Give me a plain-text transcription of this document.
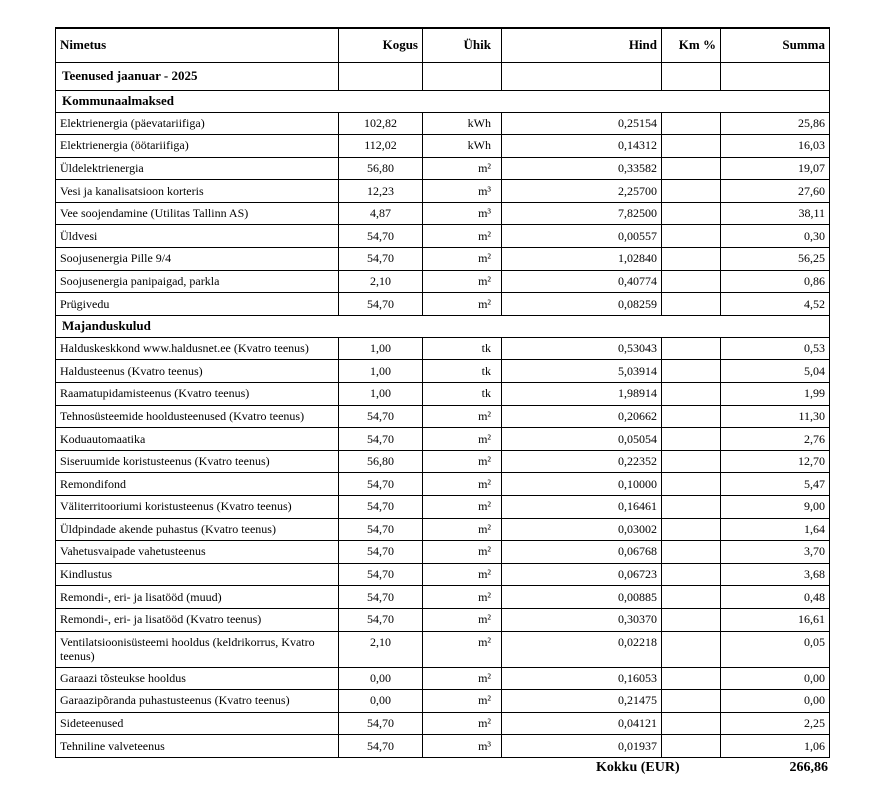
Nimetus	Kogus	Ühik	Hind	Km %	Summa
Teenused jaanuar - 2025					
Kommunaalmaksed					
Elektrienergia (päevatariifiga)	102,82	kWh	0,25154		25,86
Elektrienergia (öötariifiga)	112,02	kWh	0,14312		16,03
Üldelektrienergia	56,80	m²	0,33582		19,07
Vesi ja kanalisatsioon korteris	12,23	m³	2,25700		27,60
Vee soojendamine (Utilitas Tallinn AS)	4,87	m³	7,82500		38,11
Üldvesi	54,70	m²	0,00557		0,30
Soojusenergia Pille 9/4	54,70	m²	1,02840		56,25
Soojusenergia panipaigad, parkla	2,10	m²	0,40774		0,86
Prügivedu	54,70	m²	0,08259		4,52
Majanduskulud					
Halduskeskkond www.haldusnet.ee (Kvatro teenus)	1,00	tk	0,53043		0,53
Haldusteenus (Kvatro teenus)	1,00	tk	5,03914		5,04
Raamatupidamisteenus (Kvatro teenus)	1,00	tk	1,98914		1,99
Tehnosüsteemide hooldusteenused (Kvatro teenus)	54,70	m²	0,20662		11,30
Koduautomaatika	54,70	m²	0,05054		2,76
Siseruumide koristusteenus (Kvatro teenus)	56,80	m²	0,22352		12,70
Remondifond	54,70	m²	0,10000		5,47
Väliterritooriumi koristusteenus (Kvatro teenus)	54,70	m²	0,16461		9,00
Üldpindade akende puhastus (Kvatro teenus)	54,70	m²	0,03002		1,64
Vahetusvaipade vahetusteenus	54,70	m²	0,06768		3,70
Kindlustus	54,70	m²	0,06723		3,68
Remondi-, eri- ja lisatööd (muud)	54,70	m²	0,00885		0,48
Remondi-, eri- ja lisatööd (Kvatro teenus)	54,70	m²	0,30370		16,61
Ventilatsioonisüsteemi hooldus (keldrikorrus, Kvatro teenus)	2,10	m²	0,02218		0,05
Garaazi tõsteukse hooldus	0,00	m²	0,16053		0,00
Garaazipõranda puhastusteenus (Kvatro teenus)	0,00	m²	0,21475		0,00
Sideteenused	54,70	m²	0,04121		2,25
Tehniline valveteenus	54,70	m³	0,01937		1,06
Kokku (EUR)	266,86
